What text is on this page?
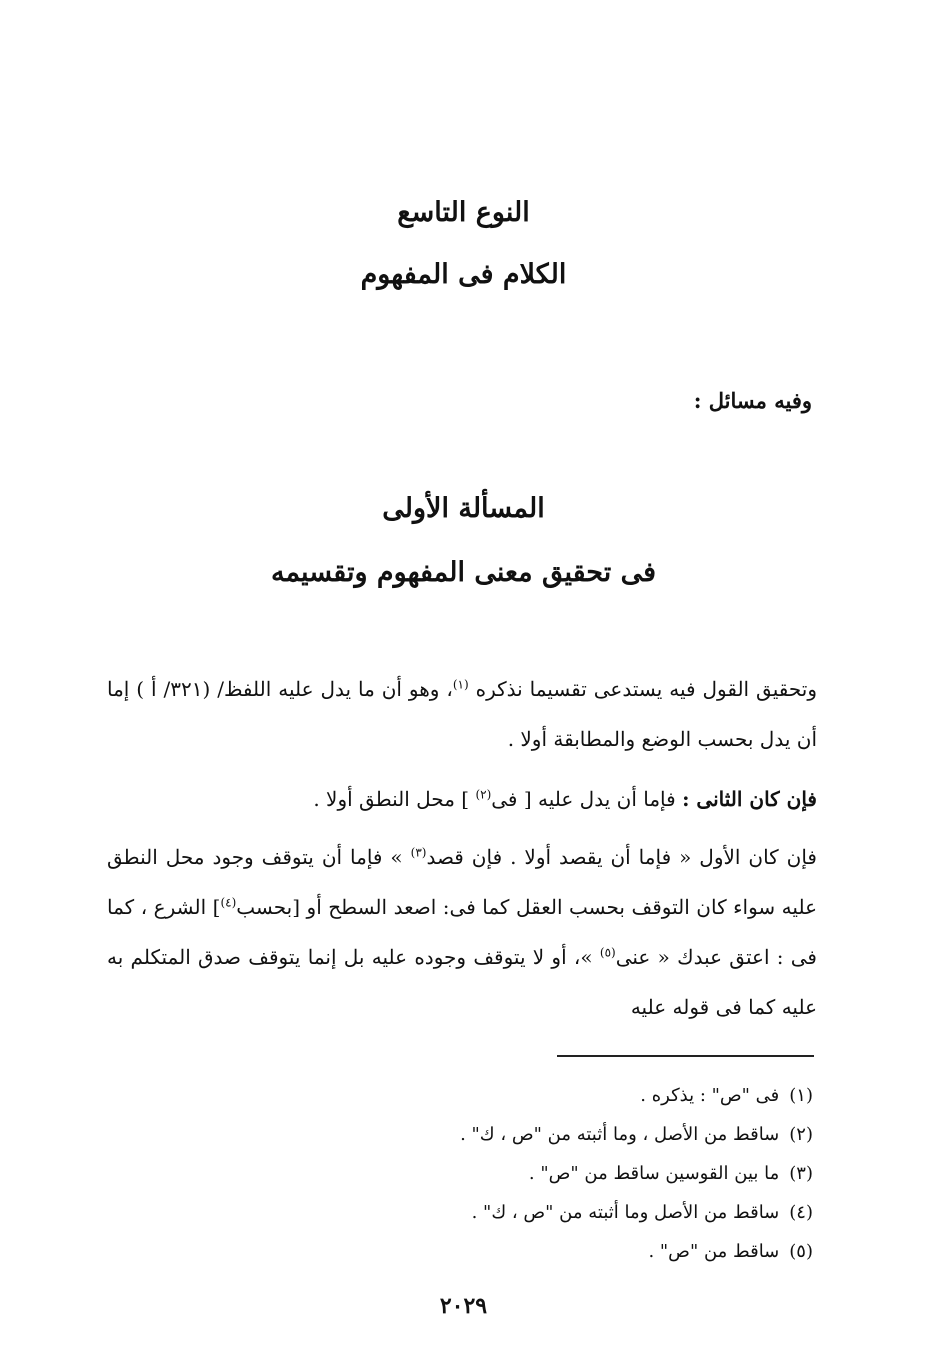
النوع التاسع
الكلام فى المفهوم
وفيه مسائل :
المسألة الأولى
فى تحقيق معنى المفهوم وتقسيمه
وتحقيق القول فيه يستدعى تقسيما نذكره $^{(١)}$، وهو أن ما يدل عليه اللفظ/ (٣٢١/ أ ) إما أن يدل بحسب الوضع والمطابقة أولا .
فإن كان الثانى : فإما أن يدل عليه [ فى$^{(٢)}$ ] محل النطق أولا .
فإن كان الأول « فإما أن يقصد أولا . فإن قصد$^{(٣)}$ » فإما أن يتوقف وجود محل النطق عليه سواء كان التوقف بحسب العقل كما فى: اصعد السطح أو [بحسب$^{(٤)}$] الشرع ، كما فى : اعتق عبدك « عنى$^{(٥)}$ »، أو لا يتوقف وجوده عليه بل إنما يتوقف صدق المتكلم به عليه كما فى قوله عليه
(١)فى "ص" : يذكره .
(٢)ساقط من الأصل ، وما أثبته من "ص ، ك" .
(٣)ما بين القوسين ساقط من "ص" .
(٤)ساقط من الأصل وما أثبته من "ص ، ك" .
(٥)ساقط من "ص" .
٢٠٢٩
